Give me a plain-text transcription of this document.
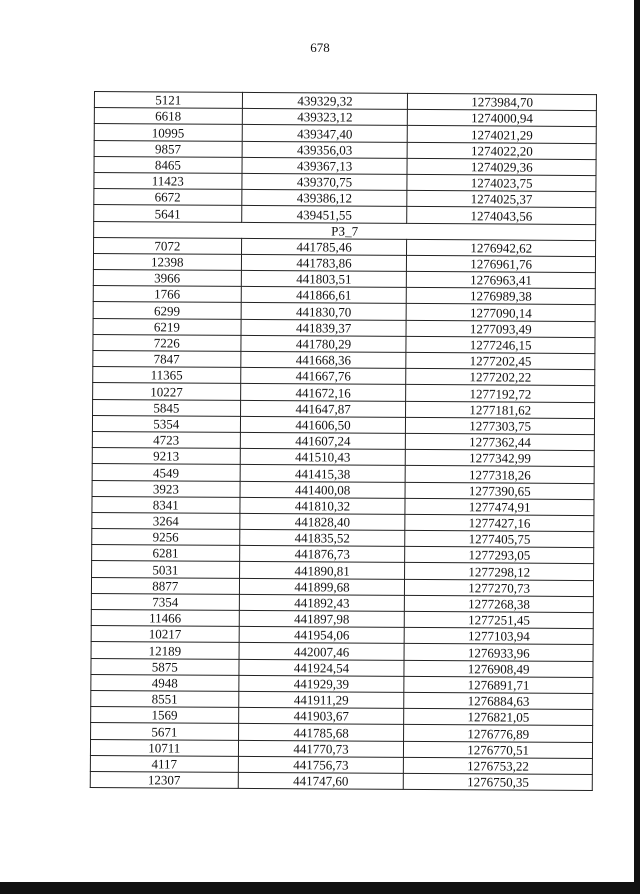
678
5121	439329,32	1273984,70
6618	439323,12	1274000,94
10995	439347,40	1274021,29
9857	439356,03	1274022,20
8465	439367,13	1274029,36
11423	439370,75	1274023,75
6672	439386,12	1274025,37
5641	439451,55	1274043,56
РЗ_7		
7072	441785,46	1276942,62
12398	441783,86	1276961,76
3966	441803,51	1276963,41
1766	441866,61	1276989,38
6299	441830,70	1277090,14
6219	441839,37	1277093,49
7226	441780,29	1277246,15
7847	441668,36	1277202,45
11365	441667,76	1277202,22
10227	441672,16	1277192,72
5845	441647,87	1277181,62
5354	441606,50	1277303,75
4723	441607,24	1277362,44
9213	441510,43	1277342,99
4549	441415,38	1277318,26
3923	441400,08	1277390,65
8341	441810,32	1277474,91
3264	441828,40	1277427,16
9256	441835,52	1277405,75
6281	441876,73	1277293,05
5031	441890,81	1277298,12
8877	441899,68	1277270,73
7354	441892,43	1277268,38
11466	441897,98	1277251,45
10217	441954,06	1277103,94
12189	442007,46	1276933,96
5875	441924,54	1276908,49
4948	441929,39	1276891,71
8551	441911,29	1276884,63
1569	441903,67	1276821,05
5671	441785,68	1276776,89
10711	441770,73	1276770,51
4117	441756,73	1276753,22
12307	441747,60	1276750,35
